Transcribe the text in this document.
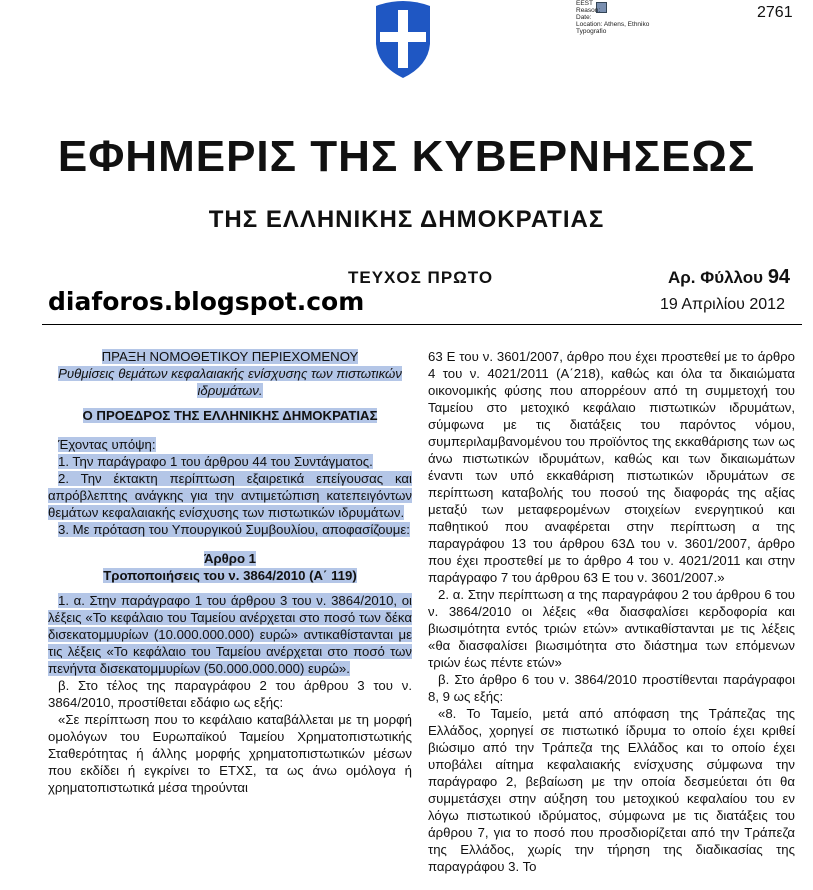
EEST
Reason:
Date:
Location: Athens, Ethniko
Typografio
2761
ΕΦΗΜΕΡΙΣ ΤΗΣ ΚΥΒΕΡΝΗΣΕΩΣ
ΤΗΣ ΕΛΛΗΝΙΚΗΣ ΔΗΜΟΚΡΑΤΙΑΣ
ΤΕΥΧΟΣ ΠΡΩΤΟ	Αρ. Φύλλου 94
diaforos.blogspot.com	19 Απριλίου 2012

ΠΡΑΞΗ ΝΟΜΟΘΕΤΙΚΟΥ ΠΕΡΙΕΧΟΜΕΝΟΥ

Ρυθμίσεις θεμάτων κεφαλαιακής ενίσχυσης των πιστωτικών ιδρυμάτων.

Ο ΠΡΟΕΔΡΟΣ ΤΗΣ ΕΛΛΗΝΙΚΗΣ ΔΗΜΟΚΡΑΤΙΑΣ

Έχοντας υπόψη:

1. Την παράγραφο 1 του άρθρου 44 του Συντάγματος.

2. Την έκτακτη περίπτωση εξαιρετικά επείγουσας και απρόβλεπτης ανάγκης για την αντιμετώπιση κατεπειγόντων θεμάτων κεφαλαιακής ενίσχυσης των πιστωτικών ιδρυμάτων.

3. Με πρόταση του Υπουργικού Συμβουλίου, αποφασίζουμε:

Άρθρο 1

Τροποποιήσεις του ν. 3864/2010 (Α΄ 119)

1. α. Στην παράγραφο 1 του άρθρου 3 του ν. 3864/2010, οι λέξεις «Το κεφάλαιο του Ταμείου ανέρχεται στο ποσό των δέκα δισεκατομμυρίων (10.000.000.000) ευρώ» αντικαθίστανται με τις λέξεις «Το κεφάλαιο του Ταμείου ανέρχεται στο ποσό των πενήντα δισεκατομμυρίων (50.000.000.000) ευρώ».

β. Στο τέλος της παραγράφου 2 του άρθρου 3 του ν. 3864/2010, προστίθεται εδάφιο ως εξής:

«Σε περίπτωση που το κεφάλαιο καταβάλλεται με τη μορφή ομολόγων του Ευρωπαϊκού Ταμείου Χρηματοπιστωτικής Σταθερότητας ή άλλης μορφής χρηματοπιστωτικών μέσων που εκδίδει ή εγκρίνει το ΕΤΧΣ, τα ως άνω ομόλογα ή χρηματοπιστωτικά μέσα τηρούνται

63 Ε του ν. 3601/2007, άρθρο που έχει προστεθεί με το άρθρο 4 του ν. 4021/2011 (Α΄218), καθώς και όλα τα δικαιώματα οικονομικής φύσης που απορρέουν από τη συμμετοχή του Ταμείου στο μετοχικό κεφάλαιο πιστωτικών ιδρυμάτων, σύμφωνα με τις διατάξεις του παρόντος νόμου, συμπεριλαμβανομένου του προϊόντος της εκκαθάρισης των ως άνω πιστωτικών ιδρυμάτων, καθώς και των δικαιωμάτων έναντι των υπό εκκαθάριση πιστωτικών ιδρυμάτων σε περίπτωση καταβολής του ποσού της διαφοράς της αξίας μεταξύ των μεταφερομένων στοιχείων ενεργητικού και παθητικού που αναφέρεται στην περίπτωση α της παραγράφου 13 του άρθρου 63Δ του ν. 3601/2007, άρθρο που έχει προστεθεί με το άρθρο 4 του ν. 4021/2011 και στην παράγραφο 7 του άρθρου 63 Ε του ν. 3601/2007.»

2. α. Στην περίπτωση α της παραγράφου 2 του άρθρου 6 του ν. 3864/2010 οι λέξεις «θα διασφαλίσει κερδοφορία και βιωσιμότητα εντός τριών ετών» αντικαθίστανται με τις λέξεις «θα διασφαλίσει βιωσιμότητα στο διάστημα των επόμενων τριών έως πέντε ετών»

β. Στο άρθρο 6 του ν. 3864/2010 προστίθενται παράγραφοι 8, 9 ως εξής:

«8. Το Ταμείο, μετά από απόφαση της Τράπεζας της Ελλάδος, χορηγεί σε πιστωτικό ίδρυμα το οποίο έχει κριθεί βιώσιμο από την Τράπεζα της Ελλάδος και το οποίο έχει υποβάλει αίτημα κεφαλαιακής ενίσχυσης σύμφωνα την παράγραφο 2, βεβαίωση με την οποία δεσμεύεται ότι θα συμμετάσχει στην αύξηση του μετοχικού κεφαλαίου του εν λόγω πιστωτικού ιδρύματος, σύμφωνα με τις διατάξεις του άρθρου 7, για το ποσό που προσδιορίζεται από την Τράπεζα της Ελλάδος, χωρίς την τήρηση της διαδικασίας της παραγράφου 3. Το
